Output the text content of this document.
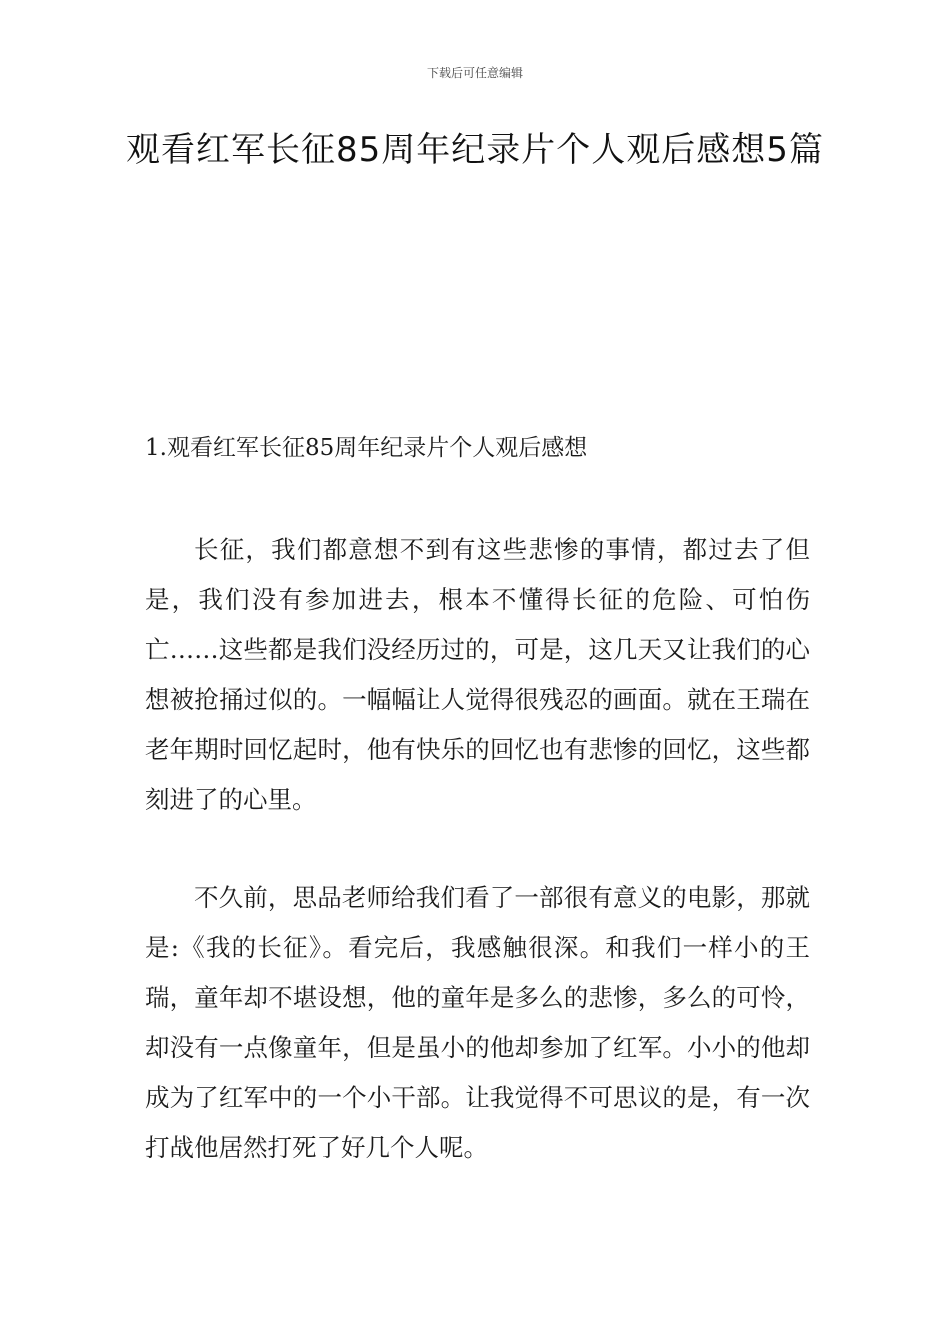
下载后可任意编辑
观看红军长征85周年纪录片个人观后感想5篇
1.观看红军长征85周年纪录片个人观后感想

长征，我们都意想不到有这些悲惨的事情，都过去了但是，我们没有参加进去，根本不懂得长征的危险、可怕伤亡……这些都是我们没经历过的，可是，这几天又让我们的心想被抢捅过似的。一幅幅让人觉得很残忍的画面。就在王瑞在老年期时回忆起时，他有快乐的回忆也有悲惨的回忆，这些都刻进了的心里。

不久前，思品老师给我们看了一部很有意义的电影，那就是:《我的长征》。看完后，我感触很深。和我们一样小的王瑞，童年却不堪设想，他的童年是多么的悲惨，多么的可怜，却没有一点像童年，但是虽小的他却参加了红军。小小的他却成为了红军中的一个小干部。让我觉得不可思议的是，有一次打战他居然打死了好几个人呢。
